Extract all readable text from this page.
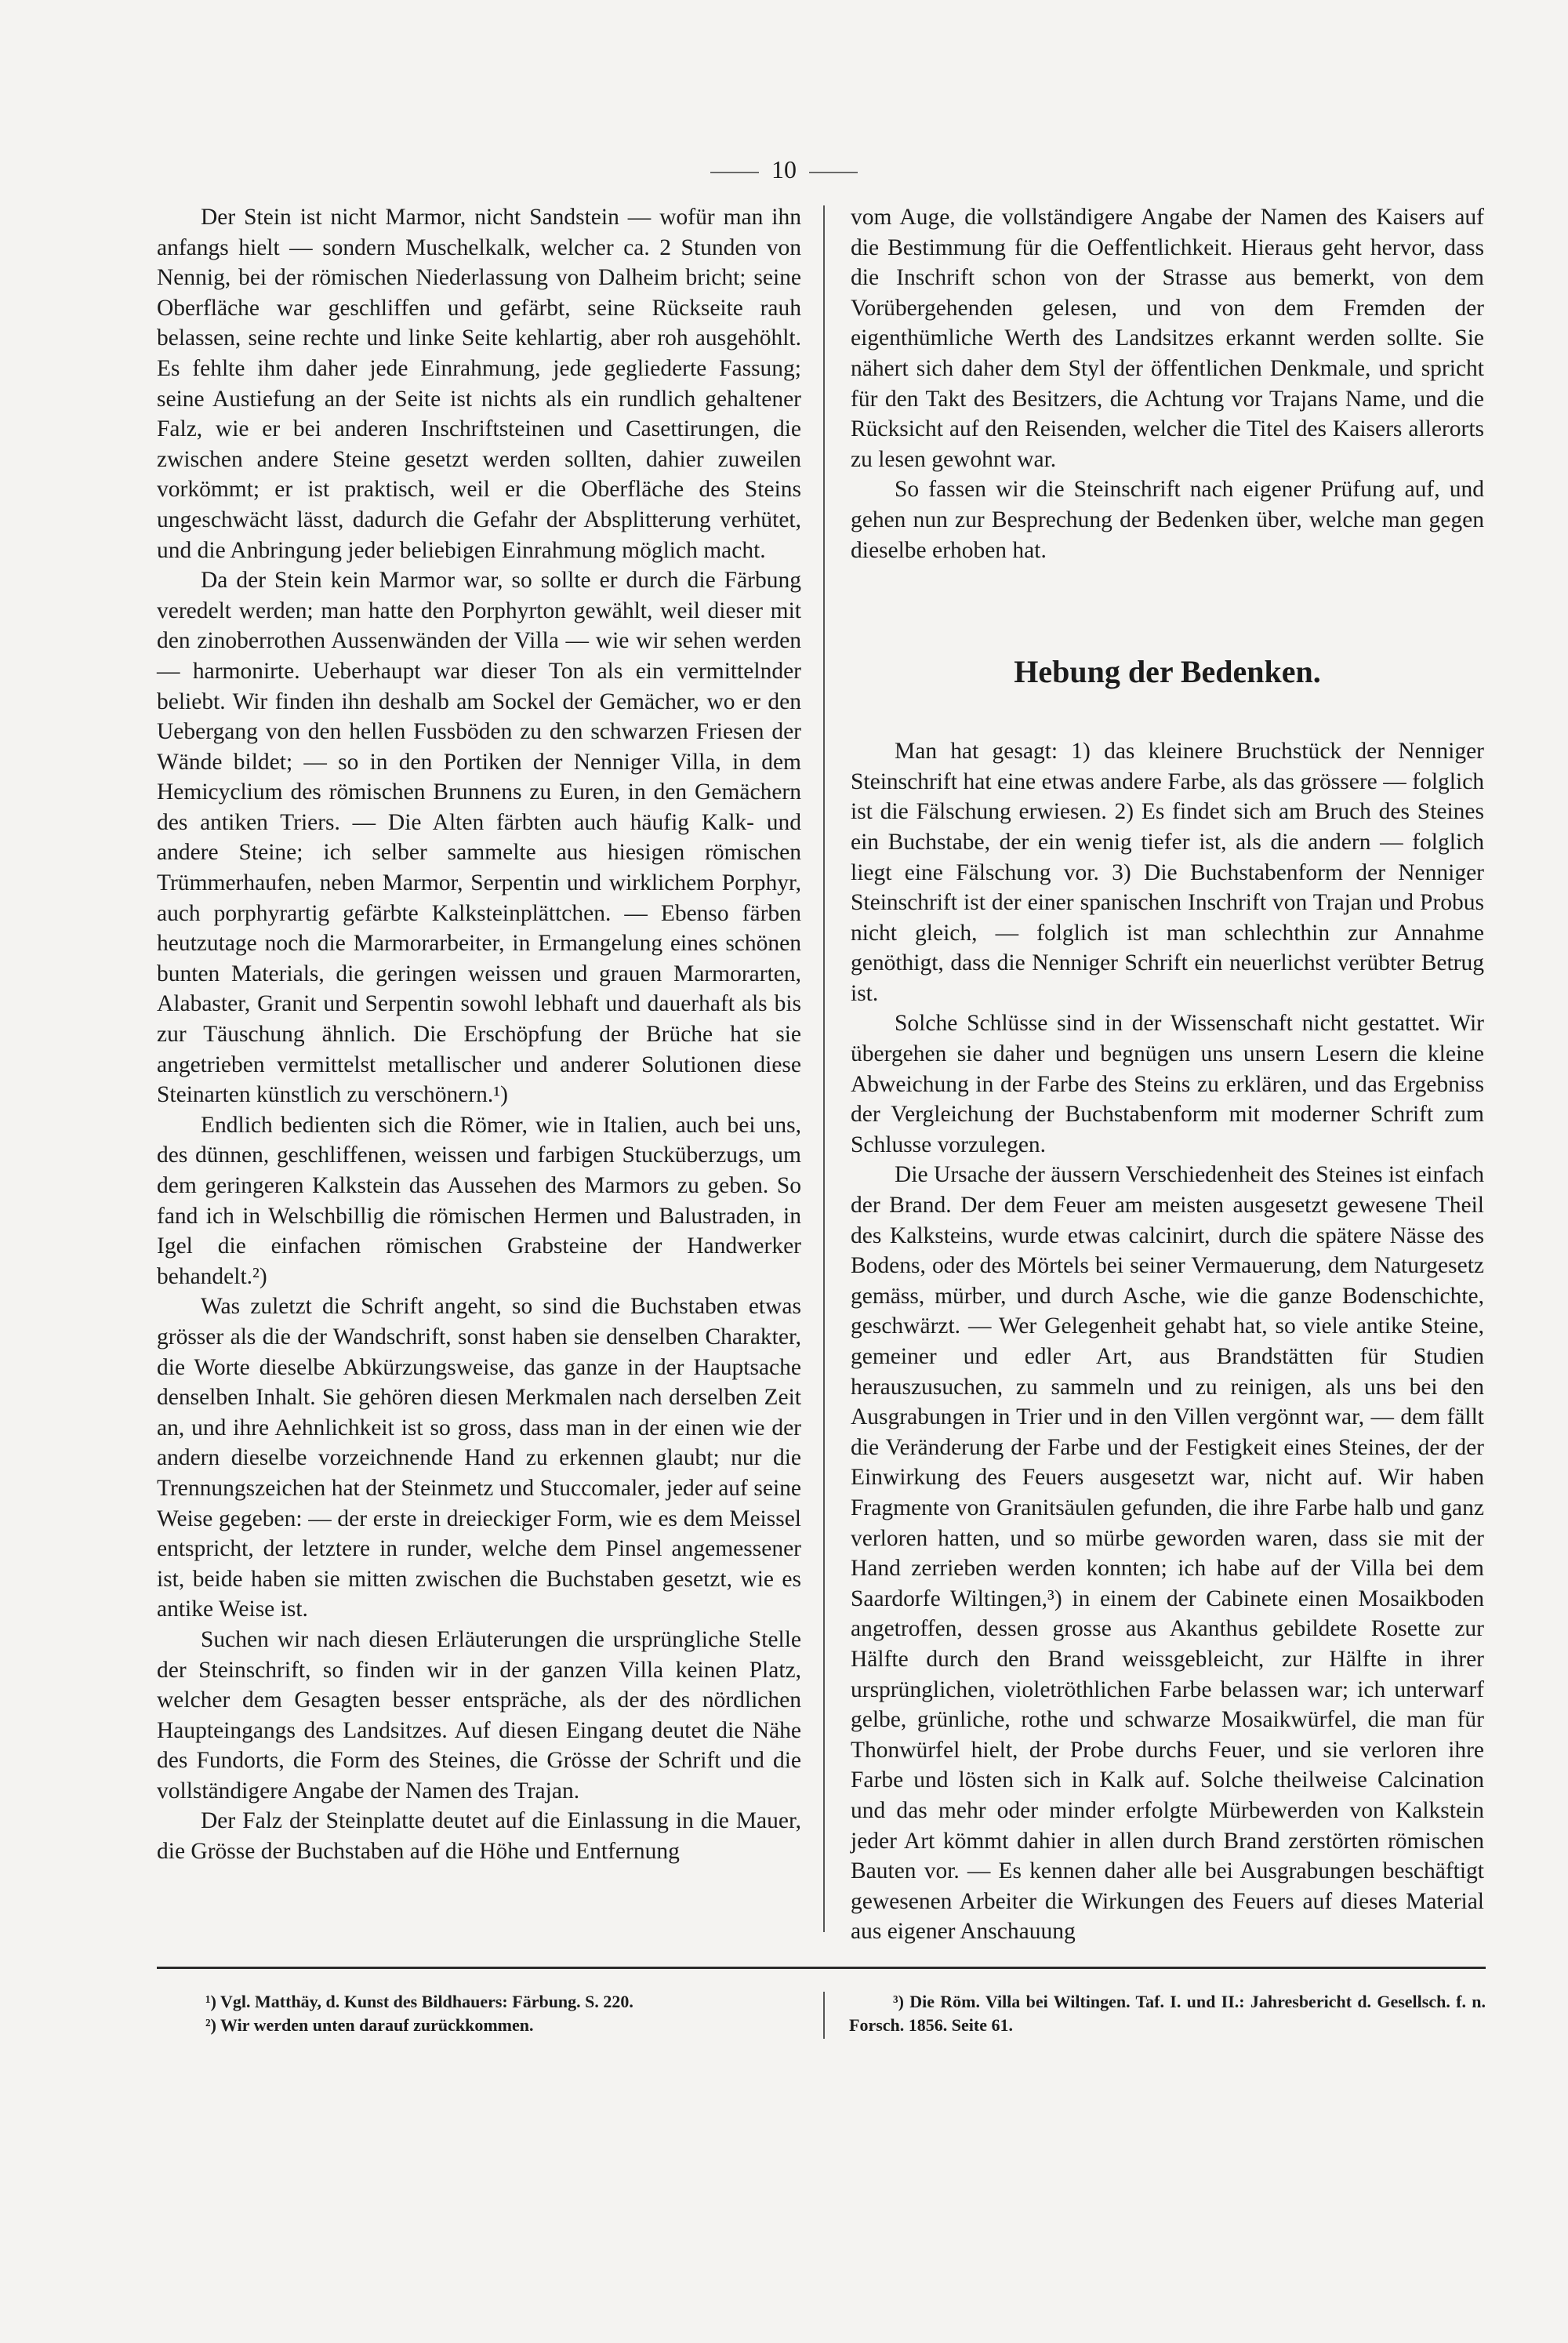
10

Der Stein ist nicht Marmor, nicht Sandstein — wofür man ihn anfangs hielt — sondern Muschelkalk, welcher ca. 2 Stunden von Nennig, bei der römischen Niederlassung von Dalheim bricht; seine Oberfläche war geschliffen und gefärbt, seine Rückseite rauh belassen, seine rechte und linke Seite kehlartig, aber roh ausgehöhlt. Es fehlte ihm daher jede Einrahmung, jede gegliederte Fassung; seine Austiefung an der Seite ist nichts als ein rundlich gehaltener Falz, wie er bei anderen Inschriftsteinen und Casettirungen, die zwischen andere Steine gesetzt werden sollten, dahier zuweilen vorkömmt; er ist praktisch, weil er die Oberfläche des Steins ungeschwächt lässt, dadurch die Gefahr der Absplitterung verhütet, und die Anbringung jeder beliebigen Einrahmung möglich macht.

Da der Stein kein Marmor war, so sollte er durch die Färbung veredelt werden; man hatte den Porphyrton gewählt, weil dieser mit den zinoberrothen Aussenwänden der Villa — wie wir sehen werden — harmonirte. Ueberhaupt war dieser Ton als ein vermittelnder beliebt. Wir finden ihn deshalb am Sockel der Gemächer, wo er den Uebergang von den hellen Fussböden zu den schwarzen Friesen der Wände bildet; — so in den Portiken der Nenniger Villa, in dem Hemicyclium des römischen Brunnens zu Euren, in den Gemächern des antiken Triers. — Die Alten färbten auch häufig Kalk- und andere Steine; ich selber sammelte aus hiesigen römischen Trümmerhaufen, neben Marmor, Serpentin und wirklichem Porphyr, auch porphyrartig gefärbte Kalksteinplättchen. — Ebenso färben heutzutage noch die Marmorarbeiter, in Ermangelung eines schönen bunten Materials, die geringen weissen und grauen Marmorarten, Alabaster, Granit und Serpentin sowohl lebhaft und dauerhaft als bis zur Täuschung ähnlich. Die Erschöpfung der Brüche hat sie angetrieben vermittelst metallischer und anderer Solutionen diese Steinarten künstlich zu verschönern.¹)

Endlich bedienten sich die Römer, wie in Italien, auch bei uns, des dünnen, geschliffenen, weissen und farbigen Stucküberzugs, um dem geringeren Kalkstein das Aussehen des Marmors zu geben. So fand ich in Welschbillig die römischen Hermen und Balustraden, in Igel die einfachen römischen Grabsteine der Handwerker behandelt.²)

Was zuletzt die Schrift angeht, so sind die Buchstaben etwas grösser als die der Wandschrift, sonst haben sie denselben Charakter, die Worte dieselbe Abkürzungsweise, das ganze in der Hauptsache denselben Inhalt. Sie gehören diesen Merkmalen nach derselben Zeit an, und ihre Aehnlichkeit ist so gross, dass man in der einen wie der andern dieselbe vorzeichnende Hand zu erkennen glaubt; nur die Trennungszeichen hat der Steinmetz und Stuccomaler, jeder auf seine Weise gegeben: — der erste in dreieckiger Form, wie es dem Meissel entspricht, der letztere in runder, welche dem Pinsel angemessener ist, beide haben sie mitten zwischen die Buchstaben gesetzt, wie es antike Weise ist.

Suchen wir nach diesen Erläuterungen die ursprüngliche Stelle der Steinschrift, so finden wir in der ganzen Villa keinen Platz, welcher dem Gesagten besser entspräche, als der des nördlichen Haupteingangs des Landsitzes. Auf diesen Eingang deutet die Nähe des Fundorts, die Form des Steines, die Grösse der Schrift und die vollständigere Angabe der Namen des Trajan.

Der Falz der Steinplatte deutet auf die Einlassung in die Mauer, die Grösse der Buchstaben auf die Höhe und Entfernung

vom Auge, die vollständigere Angabe der Namen des Kaisers auf die Bestimmung für die Oeffentlichkeit. Hieraus geht hervor, dass die Inschrift schon von der Strasse aus bemerkt, von dem Vorübergehenden gelesen, und von dem Fremden der eigenthümliche Werth des Landsitzes erkannt werden sollte. Sie nähert sich daher dem Styl der öffentlichen Denkmale, und spricht für den Takt des Besitzers, die Achtung vor Trajans Name, und die Rücksicht auf den Reisenden, welcher die Titel des Kaisers allerorts zu lesen gewohnt war.

So fassen wir die Steinschrift nach eigener Prüfung auf, und gehen nun zur Besprechung der Bedenken über, welche man gegen dieselbe erhoben hat.

Hebung der Bedenken.

Man hat gesagt: 1) das kleinere Bruchstück der Nenniger Steinschrift hat eine etwas andere Farbe, als das grössere — folglich ist die Fälschung erwiesen. 2) Es findet sich am Bruch des Steines ein Buchstabe, der ein wenig tiefer ist, als die andern — folglich liegt eine Fälschung vor. 3) Die Buchstabenform der Nenniger Steinschrift ist der einer spanischen Inschrift von Trajan und Probus nicht gleich, — folglich ist man schlechthin zur Annahme genöthigt, dass die Nenniger Schrift ein neuerlichst verübter Betrug ist.

Solche Schlüsse sind in der Wissenschaft nicht gestattet. Wir übergehen sie daher und begnügen uns unsern Lesern die kleine Abweichung in der Farbe des Steins zu erklären, und das Ergebniss der Vergleichung der Buchstabenform mit moderner Schrift zum Schlusse vorzulegen.

Die Ursache der äussern Verschiedenheit des Steines ist einfach der Brand. Der dem Feuer am meisten ausgesetzt gewesene Theil des Kalksteins, wurde etwas calcinirt, durch die spätere Nässe des Bodens, oder des Mörtels bei seiner Vermauerung, dem Naturgesetz gemäss, mürber, und durch Asche, wie die ganze Bodenschichte, geschwärzt. — Wer Gelegenheit gehabt hat, so viele antike Steine, gemeiner und edler Art, aus Brandstätten für Studien herauszusuchen, zu sammeln und zu reinigen, als uns bei den Ausgrabungen in Trier und in den Villen vergönnt war, — dem fällt die Veränderung der Farbe und der Festigkeit eines Steines, der der Einwirkung des Feuers ausgesetzt war, nicht auf. Wir haben Fragmente von Granitsäulen gefunden, die ihre Farbe halb und ganz verloren hatten, und so mürbe geworden waren, dass sie mit der Hand zerrieben werden konnten; ich habe auf der Villa bei dem Saardorfe Wiltingen,³) in einem der Cabinete einen Mosaikboden angetroffen, dessen grosse aus Akanthus gebildete Rosette zur Hälfte durch den Brand weissgebleicht, zur Hälfte in ihrer ursprünglichen, violetröthlichen Farbe belassen war; ich unterwarf gelbe, grünliche, rothe und schwarze Mosaikwürfel, die man für Thonwürfel hielt, der Probe durchs Feuer, und sie verloren ihre Farbe und lösten sich in Kalk auf. Solche theilweise Calcination und das mehr oder minder erfolgte Mürbewerden von Kalkstein jeder Art kömmt dahier in allen durch Brand zerstörten römischen Bauten vor. — Es kennen daher alle bei Ausgrabungen beschäftigt gewesenen Arbeiter die Wirkungen des Feuers auf dieses Material aus eigener Anschauung

¹) Vgl. Matthäy, d. Kunst des Bildhauers: Färbung. S. 220.

²) Wir werden unten darauf zurückkommen.

³) Die Röm. Villa bei Wiltingen. Taf. I. und II.: Jahresbericht d. Gesellsch. f. n. Forsch. 1856. Seite 61.
